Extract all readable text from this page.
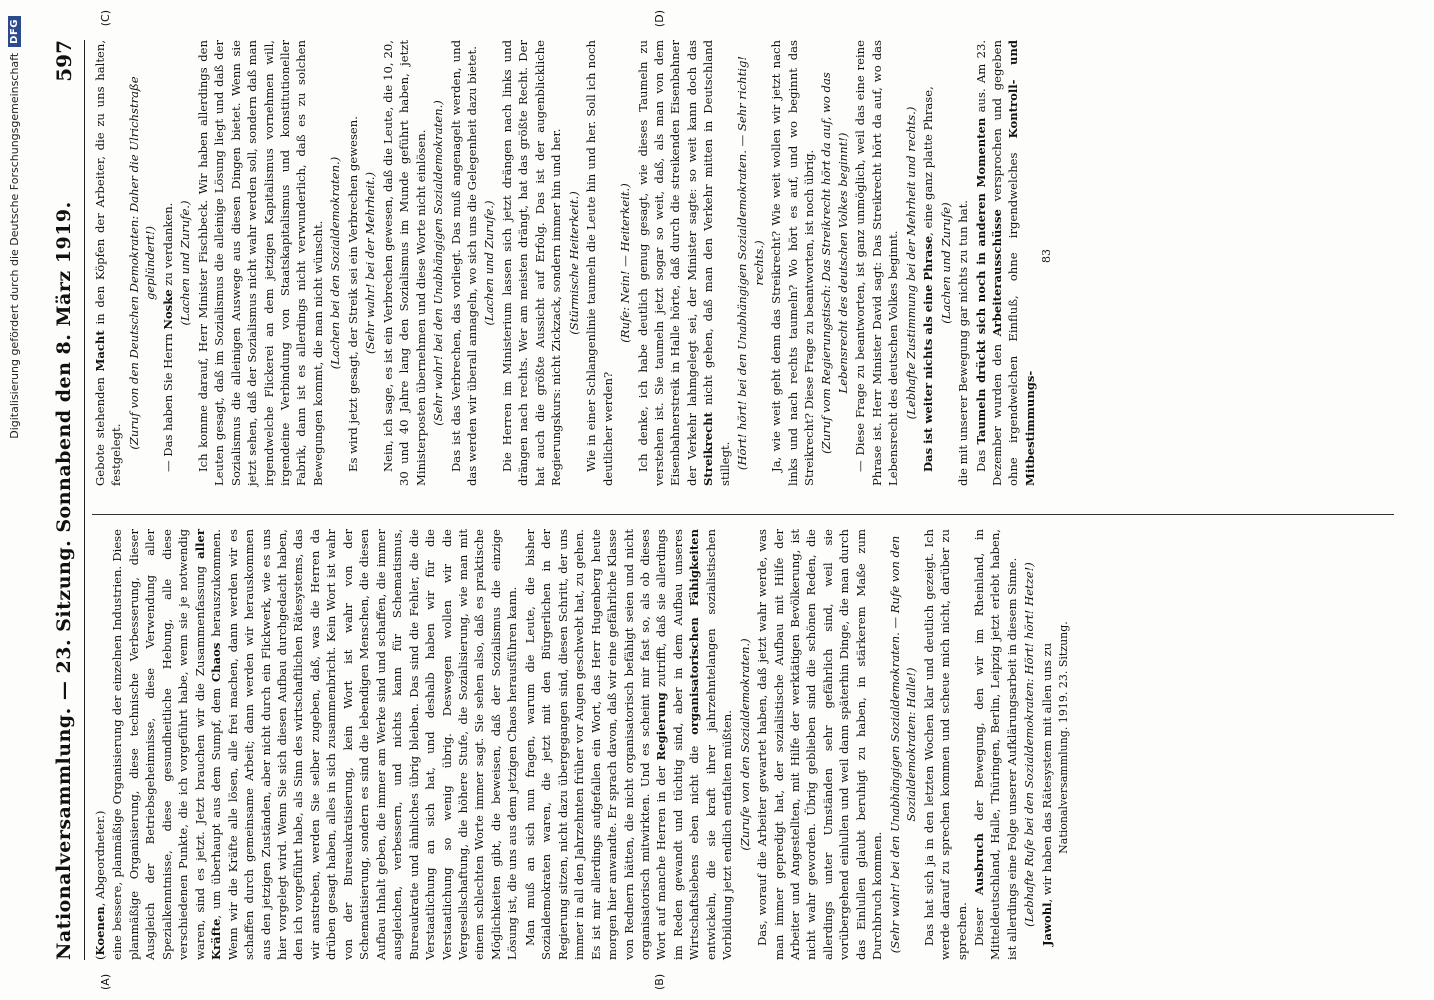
Digitalisierung gefördert durch die Deutsche Forschungsgemeinschaft
DFG
Nationalversammlung. — 23. Sitzung. Sonnabend den 8. März 1919.
597
(A)	(B)

(Koenen, Abgeordneter.) eine bessere, planmäßige Organisierung der einzelnen Industrien. Diese planmäßige Organisierung, diese technische Verbesserung, dieser Ausgleich der Betriebsgeheimnisse, diese Verwendung aller Spezialkenntnisse, diese gesundheitliche Hebung, alle diese verschiedenen Punkte, die ich vorgeführt habe, wenn sie je notwendig waren, sind es jetzt. Jetzt brauchen wir die Zusammenfassung aller Kräfte, um überhaupt aus dem Sumpf, dem Chaos herauszukommen. Wenn wir die Kräfte alle lösen, alle frei machen, dann werden wir es schaffen durch gemeinsame Arbeit; dann werden wir herauskommen aus den jetzigen Zuständen, aber nicht durch ein Flickwerk, wie es uns hier vorgelegt wird. Wenn Sie sich diesen Aufbau durchgedacht haben, den ich vorgeführt habe, als Sinn des wirtschaftlichen Rätesystems, das wir anstreben, werden Sie selber zugeben, daß, was die Herren da drüben gesagt haben, alles in sich zusammenbricht. Kein Wort ist wahr von der Bureaukratisierung, kein Wort ist wahr von der Schematisierung, sondern es sind die lebendigen Menschen, die diesen Aufbau Inhalt geben, die immer am Werke sind und schaffen, die immer ausgleichen, verbessern, und nichts kann für Schematismus, Bureaukratie und ähnliches übrig bleiben. Das sind die Fehler, die die Verstaatlichung an sich hat, und deshalb haben wir für die Verstaatlichung so wenig übrig. Deswegen wollen wir die Vergesellschaftung, die höhere Stufe, die Sozialisierung, wie man mit einem schlechten Worte immer sagt. Sie sehen also, daß es praktische Möglichkeiten gibt, die beweisen, daß der Sozialismus die einzige Lösung ist, die uns aus dem jetzigen Chaos herausführen kann. Man muß an sich nun fragen, warum die Leute, die bisher Sozialdemokraten waren, die jetzt mit den Bürgerlichen in der Regierung sitzen, nicht dazu übergegangen sind, diesen Schritt, der uns immer in all den Jahrzehnten früher vor Augen geschwebt hat, zu gehen. Es ist mir allerdings aufgefallen ein Wort, das Herr Hugenberg heute morgen hier anwandte. Er sprach davon, daß wir eine gefährliche Klasse von Rednern hätten, die nicht organisatorisch befähigt seien und nicht organisatorisch mitwirkten. Und es scheint mir fast so, als ob dieses Wort auf manche Herren in der Regierung zutrifft, daß sie allerdings im Reden gewandt und tüchtig sind, aber in dem Aufbau unseres Wirtschaftslebens eben nicht die organisatorischen Fähigkeiten entwickeln, die sie kraft ihrer jahrzehntelangen sozialistischen Vorbildung jetzt endlich entfalten müßten. (Zurufe von den Sozialdemokraten.) Das, worauf die Arbeiter gewartet haben, daß jetzt wahr werde, was man immer gepredigt hat, der sozialistische Aufbau mit Hilfe der Arbeiter und Angestellten, mit Hilfe der werktätigen Bevölkerung, ist nicht wahr geworden. Übrig geblieben sind die schönen Reden, die allerdings unter Umständen sehr gefährlich sind, weil sie vorübergehend einlullen und weil dann späterhin Dinge, die man durch das Einlullen glaubt beruhigt zu haben, in stärkerem Maße zum Durchbruch kommen. (Sehr wahr! bei den Unabhängigen Sozialdemokraten. — Rufe von den Sozialdemokraten: Halle!) Das hat sich ja in den letzten Wochen klar und deutlich gezeigt. Ich werde darauf zu sprechen kommen und scheue mich nicht, darüber zu sprechen. Dieser Ausbruch der Bewegung, den wir im Rheinland, in Mitteldeutschland, Halle, Thüringen, Berlin, Leipzig jetzt erlebt haben, ist allerdings eine Folge unserer Aufklärungsarbeit in diesem Sinne. (Lebhafte Rufe bei den Sozialdemokraten: Hört! hört! Hetze!) Jawohl, wir haben das Rätesystem mit allen uns zu Nationalversammlung. 1919. 23. Sitzung.

(C)	(D)

Gebote stehenden Macht in den Köpfen der Arbeiter, die zu uns halten, festgelegt.

(Zuruf von den Deutschen Demokraten: Daher die Ulrichstraße geplündert!)

— Das haben Sie Herrn Noske zu verdanken. (Lachen und Zurufe.) Ich komme darauf, Herr Minister Fischbeck. Wir haben allerdings den Leuten gesagt, daß im Sozialismus die alleinige Lösung liegt und daß der Sozialismus die alleinigen Auswege aus diesen Dingen bietet. Wenn sie jetzt sehen, daß der Sozialismus nicht wahr werden soll, sondern daß man irgendwelche Flickerei an dem jetzigen Kapitalismus vornehmen will, irgendeine Verbindung von Staatskapitalismus und konstitutioneller Fabrik, dann ist es allerdings nicht verwunderlich, daß es zu solchen Bewegungen kommt, die man nicht wünscht. (Lachen bei den Sozialdemokraten.) Es wird jetzt gesagt, der Streik sei ein Verbrechen gewesen. (Sehr wahr! bei der Mehrheit.) Nein, ich sage, es ist ein Verbrechen gewesen, daß die Leute, die 10, 20, 30 und 40 Jahre lang den Sozialismus im Munde geführt haben, jetzt Ministerposten übernehmen und diese Worte nicht einlösen. (Sehr wahr! bei den Unabhängigen Sozialdemokraten.) Das ist das Verbrechen, das vorliegt. Das muß angenagelt werden, und das werden wir überall annageln, wo sich uns die Gelegenheit dazu bietet. (Lachen und Zurufe.) Die Herren im Ministerium lassen sich jetzt drängen nach links und drängen nach rechts. Wer am meisten drängt, hat das größte Recht. Der hat auch die größte Aussicht auf Erfolg. Das ist der augenblickliche Regierungskurs: nicht Zickzack, sondern immer hin und her. (Stürmische Heiterkeit.) Wie in einer Schlangenlinie taumeln die Leute hin und her. Soll ich noch deutlicher werden?

(Rufe: Nein! — Heiterkeit.) Ich denke, ich habe deutlich genug gesagt, wie dieses Taumeln zu verstehen ist. Sie taumeln jetzt sogar so weit, daß, als man von dem Eisenbahnerstreik in Halle hörte, daß durch die streikenden Eisenbahner der Verkehr lahmgelegt sei, der Minister sagte: so weit kann doch das Streikrecht nicht gehen, daß man den Verkehr mitten in Deutschland stillegt. (Hört! hört! bei den Unabhängigen Sozialdemokraten. — Sehr richtig! rechts.) Ja, wie weit geht denn das Streikrecht? Wie weit wollen wir jetzt nach links und nach rechts taumeln? Wo hört es auf, und wo beginnt das Streikrecht? Diese Frage zu beantworten, ist noch übrig. (Zuruf vom Regierungstisch: Das Streikrecht hört da auf, wo das Lebensrecht des deutschen Volkes beginnt!) — Diese Frage zu beantworten, ist ganz unmöglich, weil das eine reine Phrase ist. Herr Minister David sagt: Das Streikrecht hört da auf, wo das Lebensrecht des deutschen Volkes beginnt. (Lebhafte Zustimmung bei der Mehrheit und rechts.) Das ist weiter nichts als eine Phrase, eine ganz platte Phrase,

(Lachen und Zurufe) die mit unserer Bewegung gar nichts zu tun hat. Das Taumeln drückt sich noch in anderen Momenten aus. Am 23. Dezember wurden den Arbeiterausschüsse versprochen und gegeben ohne irgendwelchen Einfluß, ohne irgendwelches Kontroll- und Mitbestimmungs-

83
